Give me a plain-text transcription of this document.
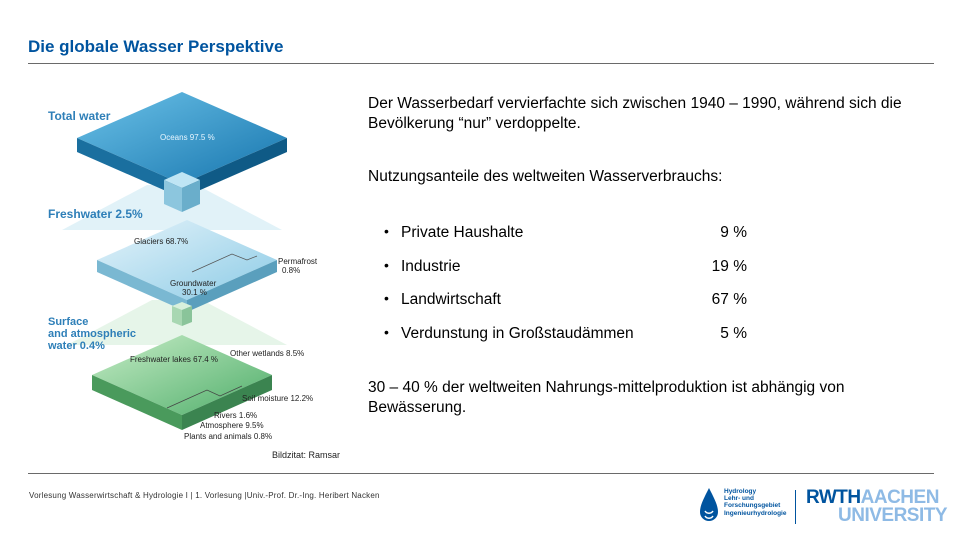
Die globale Wasser Perspektive
Total water
Oceans 97.5 %
Freshwater 2.5%
Glaciers 68.7%
Permafrost
0.8%
Groundwater
30.1 %
Surface
and atmospheric
water 0.4%
Freshwater lakes 67.4 %
Other wetlands 8.5%
Soil moisture 12.2%
Rivers 1.6%
Atmosphere 9.5%
Plants and animals 0.8%
Bildzitat: Ramsar
Der Wasserbedarf vervierfachte sich zwischen 1940 – 1990, während sich die Bevölkerung “nur” verdoppelte.
Nutzungsanteile des weltweiten Wasserverbrauchs:
• Private Haushalte	9 %
• Industrie	19 %
• Landwirtschaft	67 %
• Verdunstung in Großstaudämmen	5 %
30 – 40 % der weltweiten Nahrungs-mittelproduktion ist abhängig von Bewässerung.
Vorlesung Wasserwirtschaft & Hydrologie I | 1. Vorlesung |Univ.-Prof. Dr.-Ing. Heribert Nacken	Hydrology
Lehr- und
Forschungsgebiet
Ingenieurhydrologie
RWTHAACHEN
UNIVERSITY
